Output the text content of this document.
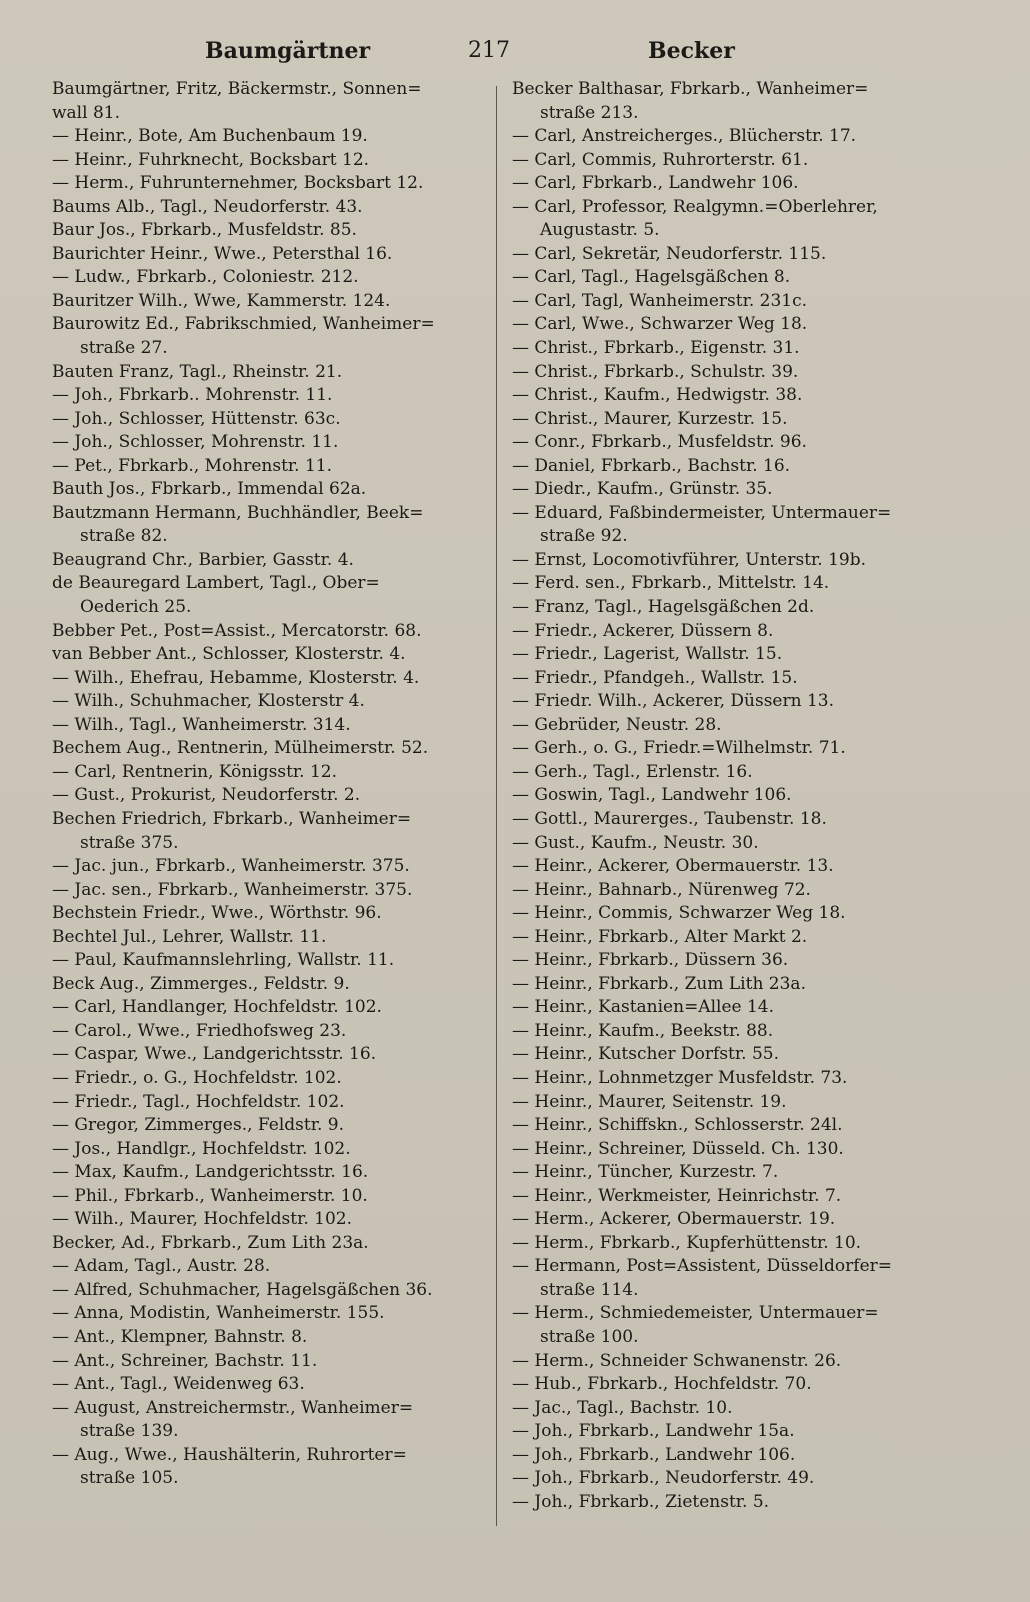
Baumgärtner	217	Becker
Baumgärtner, Fritz, Bäckermstr., Sonnen=
wall 81.
— Heinr., Bote, Am Buchenbaum 19.
— Heinr., Fuhrknecht, Bocksbart 12.
— Herm., Fuhrunternehmer, Bocksbart 12.
Baums Alb., Tagl., Neudorferstr. 43.
Baur Jos., Fbrkarb., Musfeldstr. 85.
Baurichter Heinr., Wwe., Petersthal 16.
— Ludw., Fbrkarb., Coloniestr. 212.
Bauritzer Wilh., Wwe, Kammerstr. 124.
Baurowitz Ed., Fabrikschmied, Wanheimer=
straße 27.
Bauten Franz, Tagl., Rheinstr. 21.
— Joh., Fbrkarb.. Mohrenstr. 11.
— Joh., Schlosser, Hüttenstr. 63c.
— Joh., Schlosser, Mohrenstr. 11.
— Pet., Fbrkarb., Mohrenstr. 11.
Bauth Jos., Fbrkarb., Immendal 62a.
Bautzmann Hermann, Buchhändler, Beek=
straße 82.
Beaugrand Chr., Barbier, Gasstr. 4.
de Beauregard Lambert, Tagl., Ober=
Oederich 25.
Bebber Pet., Post=Assist., Mercatorstr. 68.
van Bebber Ant., Schlosser, Klosterstr. 4.
— Wilh., Ehefrau, Hebamme, Klosterstr. 4.
— Wilh., Schuhmacher, Klosterstr 4.
— Wilh., Tagl., Wanheimerstr. 314.
Bechem Aug., Rentnerin, Mülheimerstr. 52.
— Carl, Rentnerin, Königsstr. 12.
— Gust., Prokurist, Neudorferstr. 2.
Bechen Friedrich, Fbrkarb., Wanheimer=
straße 375.
— Jac. jun., Fbrkarb., Wanheimerstr. 375.
— Jac. sen., Fbrkarb., Wanheimerstr. 375.
Bechstein Friedr., Wwe., Wörthstr. 96.
Bechtel Jul., Lehrer, Wallstr. 11.
— Paul, Kaufmannslehrling, Wallstr. 11.
Beck Aug., Zimmerges., Feldstr. 9.
— Carl, Handlanger, Hochfeldstr. 102.
— Carol., Wwe., Friedhofsweg 23.
— Caspar, Wwe., Landgerichtsstr. 16.
— Friedr., o. G., Hochfeldstr. 102.
— Friedr., Tagl., Hochfeldstr. 102.
— Gregor, Zimmerges., Feldstr. 9.
— Jos., Handlgr., Hochfeldstr. 102.
— Max, Kaufm., Landgerichtsstr. 16.
— Phil., Fbrkarb., Wanheimerstr. 10.
— Wilh., Maurer, Hochfeldstr. 102.
Becker, Ad., Fbrkarb., Zum Lith 23a.
— Adam, Tagl., Austr. 28.
— Alfred, Schuhmacher, Hagelsgäßchen 36.
— Anna, Modistin, Wanheimerstr. 155.
— Ant., Klempner, Bahnstr. 8.
— Ant., Schreiner, Bachstr. 11.
— Ant., Tagl., Weidenweg 63.
— August, Anstreichermstr., Wanheimer=
straße 139.
— Aug., Wwe., Haushälterin, Ruhrorter=
straße 105.
Becker Balthasar, Fbrkarb., Wanheimer=
straße 213.
— Carl, Anstreicherges., Blücherstr. 17.
— Carl, Commis, Ruhrorterstr. 61.
— Carl, Fbrkarb., Landwehr 106.
— Carl, Professor, Realgymn.=Oberlehrer,
Augustastr. 5.
— Carl, Sekretär, Neudorferstr. 115.
— Carl, Tagl., Hagelsgäßchen 8.
— Carl, Tagl, Wanheimerstr. 231c.
— Carl, Wwe., Schwarzer Weg 18.
— Christ., Fbrkarb., Eigenstr. 31.
— Christ., Fbrkarb., Schulstr. 39.
— Christ., Kaufm., Hedwigstr. 38.
— Christ., Maurer, Kurzestr. 15.
— Conr., Fbrkarb., Musfeldstr. 96.
— Daniel, Fbrkarb., Bachstr. 16.
— Diedr., Kaufm., Grünstr. 35.
— Eduard, Faßbindermeister, Untermauer=
straße 92.
— Ernst, Locomotivführer, Unterstr. 19b.
— Ferd. sen., Fbrkarb., Mittelstr. 14.
— Franz, Tagl., Hagelsgäßchen 2d.
— Friedr., Ackerer, Düssern 8.
— Friedr., Lagerist, Wallstr. 15.
— Friedr., Pfandgeh., Wallstr. 15.
— Friedr. Wilh., Ackerer, Düssern 13.
— Gebrüder, Neustr. 28.
— Gerh., o. G., Friedr.=Wilhelmstr. 71.
— Gerh., Tagl., Erlenstr. 16.
— Goswin, Tagl., Landwehr 106.
— Gottl., Maurerges., Taubenstr. 18.
— Gust., Kaufm., Neustr. 30.
— Heinr., Ackerer, Obermauerstr. 13.
— Heinr., Bahnarb., Nürenweg 72.
— Heinr., Commis, Schwarzer Weg 18.
— Heinr., Fbrkarb., Alter Markt 2.
— Heinr., Fbrkarb., Düssern 36.
— Heinr., Fbrkarb., Zum Lith 23a.
— Heinr., Kastanien=Allee 14.
— Heinr., Kaufm., Beekstr. 88.
— Heinr., Kutscher Dorfstr. 55.
— Heinr., Lohnmetzger Musfeldstr. 73.
— Heinr., Maurer, Seitenstr. 19.
— Heinr., Schiffskn., Schlosserstr. 24l.
— Heinr., Schreiner, Düsseld. Ch. 130.
— Heinr., Tüncher, Kurzestr. 7.
— Heinr., Werkmeister, Heinrichstr. 7.
— Herm., Ackerer, Obermauerstr. 19.
— Herm., Fbrkarb., Kupferhüttenstr. 10.
— Hermann, Post=Assistent, Düsseldorfer=
straße 114.
— Herm., Schmiedemeister, Untermauer=
straße 100.
— Herm., Schneider Schwanenstr. 26.
— Hub., Fbrkarb., Hochfeldstr. 70.
— Jac., Tagl., Bachstr. 10.
— Joh., Fbrkarb., Landwehr 15a.
— Joh., Fbrkarb., Landwehr 106.
— Joh., Fbrkarb., Neudorferstr. 49.
— Joh., Fbrkarb., Zietenstr. 5.
